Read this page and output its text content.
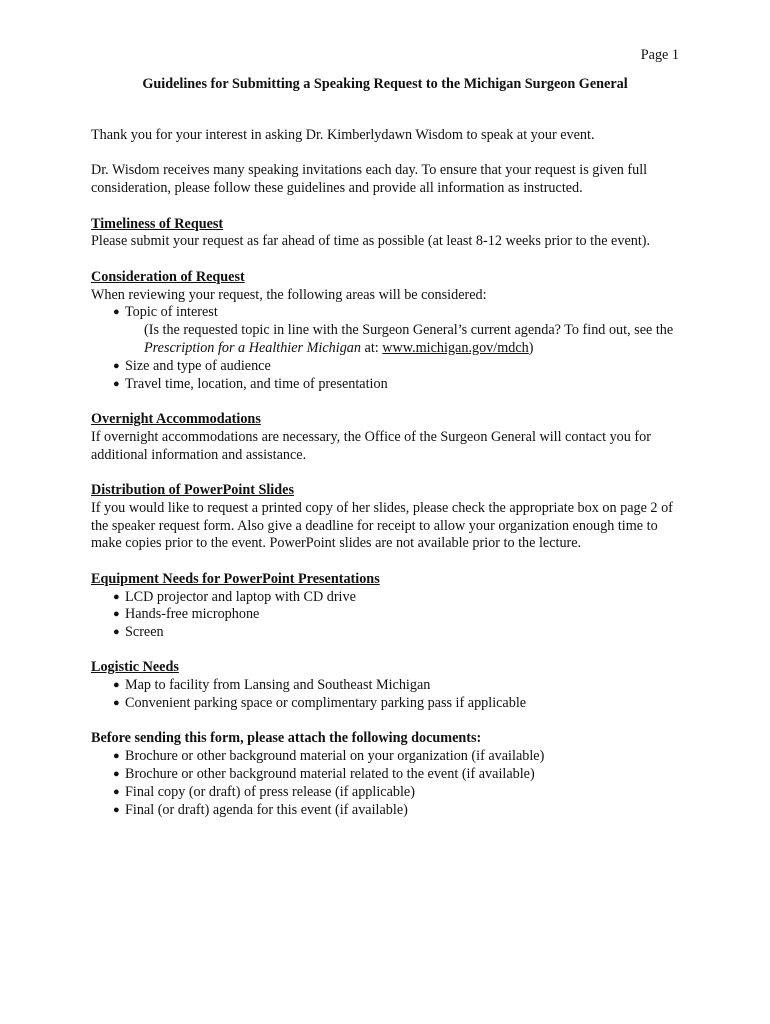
Page 1
Guidelines for Submitting a Speaking Request to the Michigan Surgeon General

Thank you for your interest in asking Dr. Kimberlydawn Wisdom to speak at your event.

Dr. Wisdom receives many speaking invitations each day. To ensure that your request is given full consideration, please follow these guidelines and provide all information as instructed.

Timeliness of Request
Please submit your request as far ahead of time as possible (at least 8-12 weeks prior to the event).
Consideration of Request
When reviewing your request, the following areas will be considered:
● Topic of interest
(Is the requested topic in line with the Surgeon General’s current agenda? To find out, see the Prescription for a Healthier Michigan at: www.michigan.gov/mdch)
● Size and type of audience
● Travel time, location, and time of presentation
Overnight Accommodations
If overnight accommodations are necessary, the Office of the Surgeon General will contact you for additional information and assistance.
Distribution of PowerPoint Slides
If you would like to request a printed copy of her slides, please check the appropriate box on page 2 of the speaker request form. Also give a deadline for receipt to allow your organization enough time to make copies prior to the event. PowerPoint slides are not available prior to the lecture.
Equipment Needs for PowerPoint Presentations
● LCD projector and laptop with CD drive
● Hands-free microphone
● Screen
Logistic Needs
● Map to facility from Lansing and Southeast Michigan
● Convenient parking space or complimentary parking pass if applicable
Before sending this form, please attach the following documents:
● Brochure or other background material on your organization (if available)
● Brochure or other background material related to the event (if available)
● Final copy (or draft) of press release (if applicable)
● Final (or draft) agenda for this event (if available)
